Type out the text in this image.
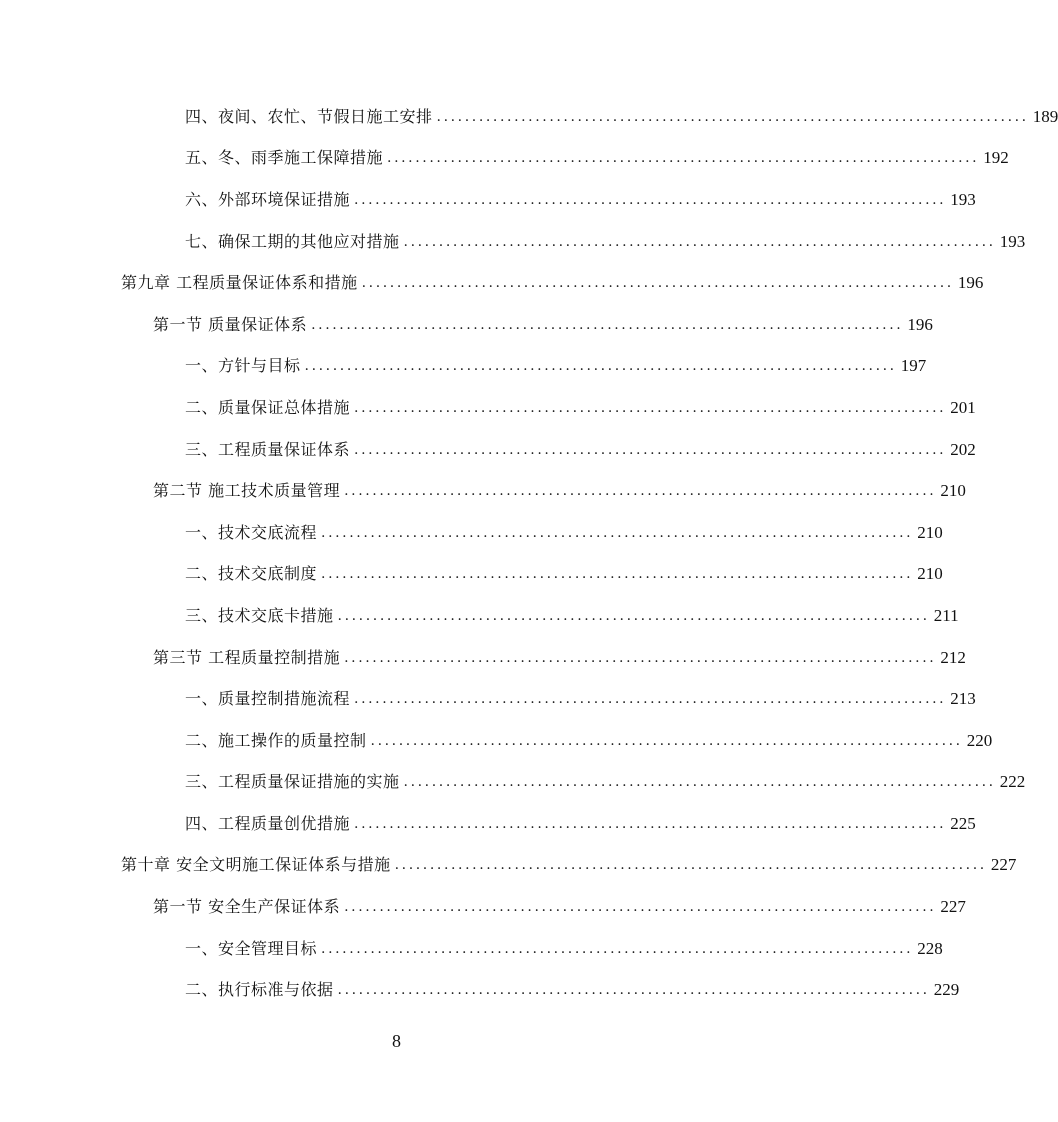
四、夜间、农忙、节假日施工安排 .................................................................................... 189
五、冬、雨季施工保障措施 .................................................................................... 192
六、外部环境保证措施 .................................................................................... 193
七、确保工期的其他应对措施 .................................................................................... 193
第九章 工程质量保证体系和措施 .................................................................................... 196
第一节 质量保证体系 .................................................................................... 196
一、方针与目标 .................................................................................... 197
二、质量保证总体措施 .................................................................................... 201
三、工程质量保证体系 .................................................................................... 202
第二节 施工技术质量管理 .................................................................................... 210
一、技术交底流程 .................................................................................... 210
二、技术交底制度 .................................................................................... 210
三、技术交底卡措施 .................................................................................... 211
第三节 工程质量控制措施 .................................................................................... 212
一、质量控制措施流程 .................................................................................... 213
二、施工操作的质量控制 .................................................................................... 220
三、工程质量保证措施的实施 .................................................................................... 222
四、工程质量创优措施 .................................................................................... 225
第十章 安全文明施工保证体系与措施 .................................................................................... 227
第一节 安全生产保证体系 .................................................................................... 227
一、安全管理目标 .................................................................................... 228
二、执行标准与依据 .................................................................................... 229
8
